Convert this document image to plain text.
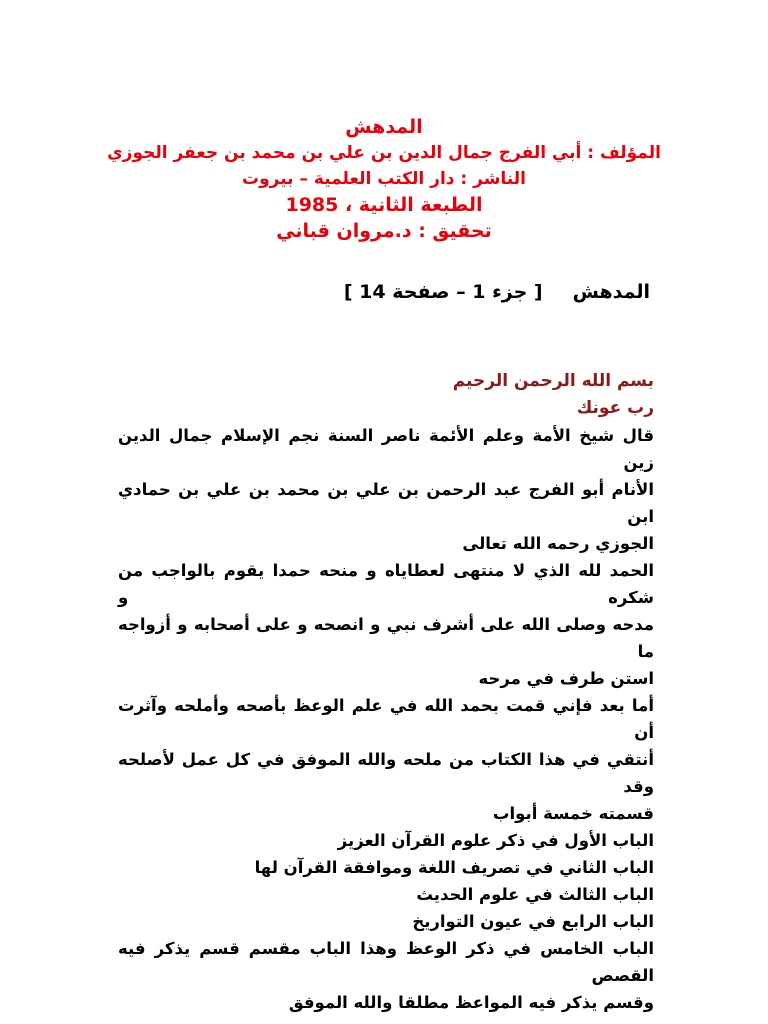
المدهش
المؤلف : أبي الفرج جمال الدين بن علي بن محمد بن جعفر الجوزي
الناشر : دار الكتب العلمية – بيروت
الطبعة الثانية ، 1985
تحقيق : د.مروان قباني
المدهش[ جزء 1 – صفحة 14 ]
بسم الله الرحمن الرحيم
رب عونك
قال شيخ الأمة وعلم الأئمة ناصر السنة نجم الإسلام جمال الدين زين
الأنام أبو الفرج عبد الرحمن بن علي بن محمد بن علي بن حمادي ابن
الجوزي رحمه الله تعالى
الحمد لله الذي لا منتهى لعطاياه و منحه حمدا يقوم بالواجب من شكره و
مدحه وصلى الله على أشرف نبي و انصحه و على أصحابه و أزواجه ما
استن طرف في مرحه
أما بعد فإني قمت بحمد الله في علم الوعظ بأصحه وأملحه وآثرت أن
أنتقي في هذا الكتاب من ملحه والله الموفق في كل عمل لأصلحه وقد
قسمته خمسة أبواب
الباب الأول في ذكر علوم القرآن العزيز
الباب الثاني في تصريف اللغة وموافقة القرآن لها
الباب الثالث في علوم الحديث
الباب الرابع في عيون التواريخ
الباب الخامس في ذكر الوعظ وهذا الباب مقسم قسم يذكر فيه القصص
وقسم يذكر فيه المواعظ مطلقا والله الموفق
